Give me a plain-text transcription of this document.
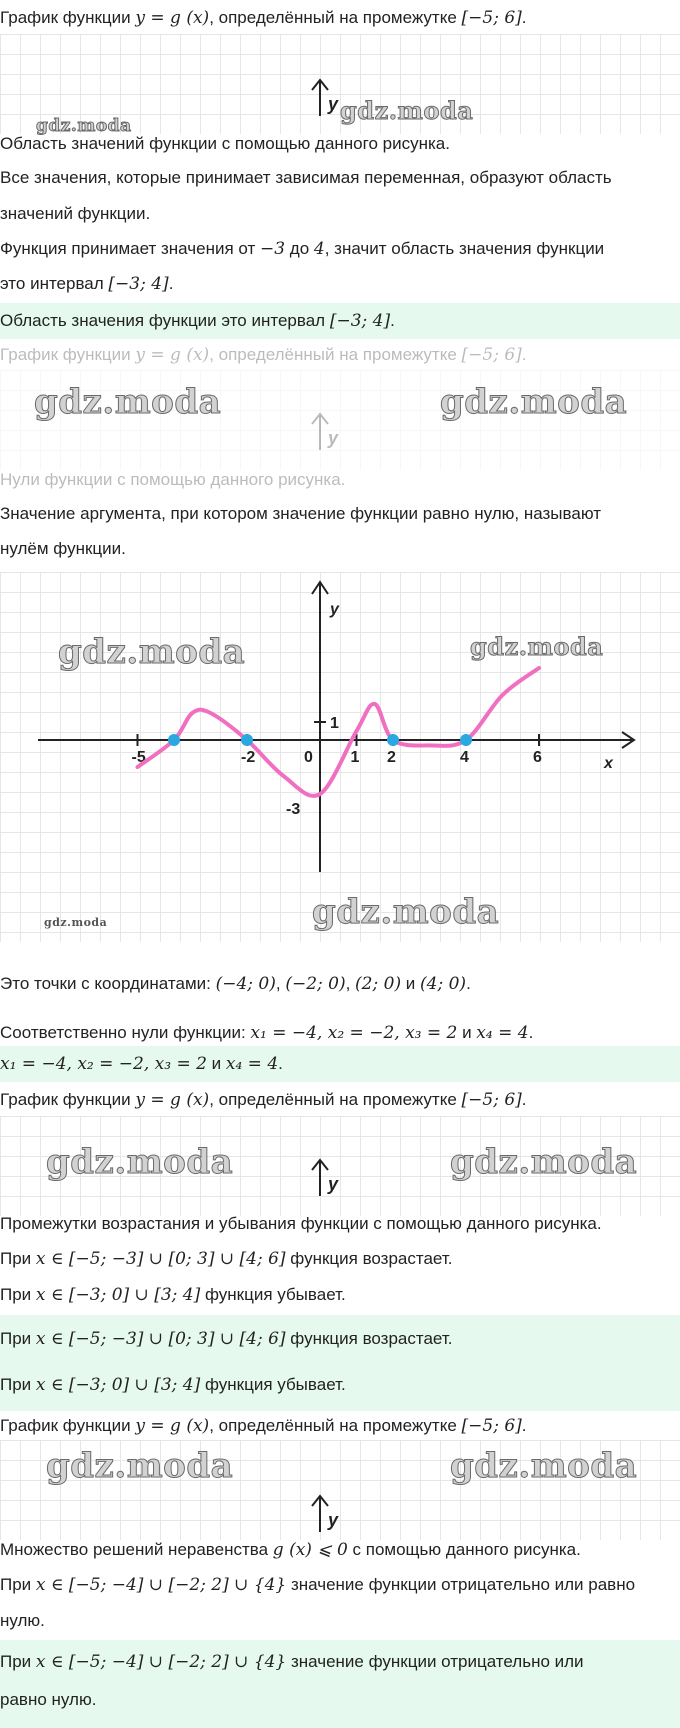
График функции y = g (x), определённый на промежутке [−5; 6].
y gdz.moda
gdz.moda
Область значений функции с помощью данного рисунка.
Все значения, которые принимает зависимая переменная, образуют область
значений функции.
Функция принимает значения от −3 до 4, значит область значения функции
это интервал [−3; 4].
Область значения функции это интервал [−3; 4].
График функции y = g (x), определённый на промежутке [−5; 6].
gdz.moda	gdz.moda
y
Нули функции с помощью данного рисунка.
Значение аргумента, при котором значение функции равно нулю, называют
нулём функции.
x
y
-5	-2	0 1 2	4	6
1
-3
gdz.moda	gdz.moda
gdz.moda
gdz.moda
Это точки с координатами: (−4; 0), (−2; 0), (2; 0) и (4; 0).
Соответственно нули функции: x₁ = −4, x₂ = −2, x₃ = 2 и x₄ = 4.
x₁ = −4, x₂ = −2, x₃ = 2 и x₄ = 4.
График функции y = g (x), определённый на промежутке [−5; 6].
gdz.moda	gdz.moda
y
Промежутки возрастания и убывания функции с помощью данного рисунка.
При x ∈ [−5; −3] ∪ [0; 3] ∪ [4; 6] функция возрастает.
При x ∈ [−3; 0] ∪ [3; 4] функция убывает.
При x ∈ [−5; −3] ∪ [0; 3] ∪ [4; 6] функция возрастает.
При x ∈ [−3; 0] ∪ [3; 4] функция убывает.
График функции y = g (x), определённый на промежутке [−5; 6].
gdz.moda	gdz.moda
y
Множество решений неравенства g (x) ⩽ 0 с помощью данного рисунка.
При x ∈ [−5; −4] ∪ [−2; 2] ∪ {4} значение функции отрицательно или равно
нулю.
При x ∈ [−5; −4] ∪ [−2; 2] ∪ {4} значение функции отрицательно или
равно нулю.
